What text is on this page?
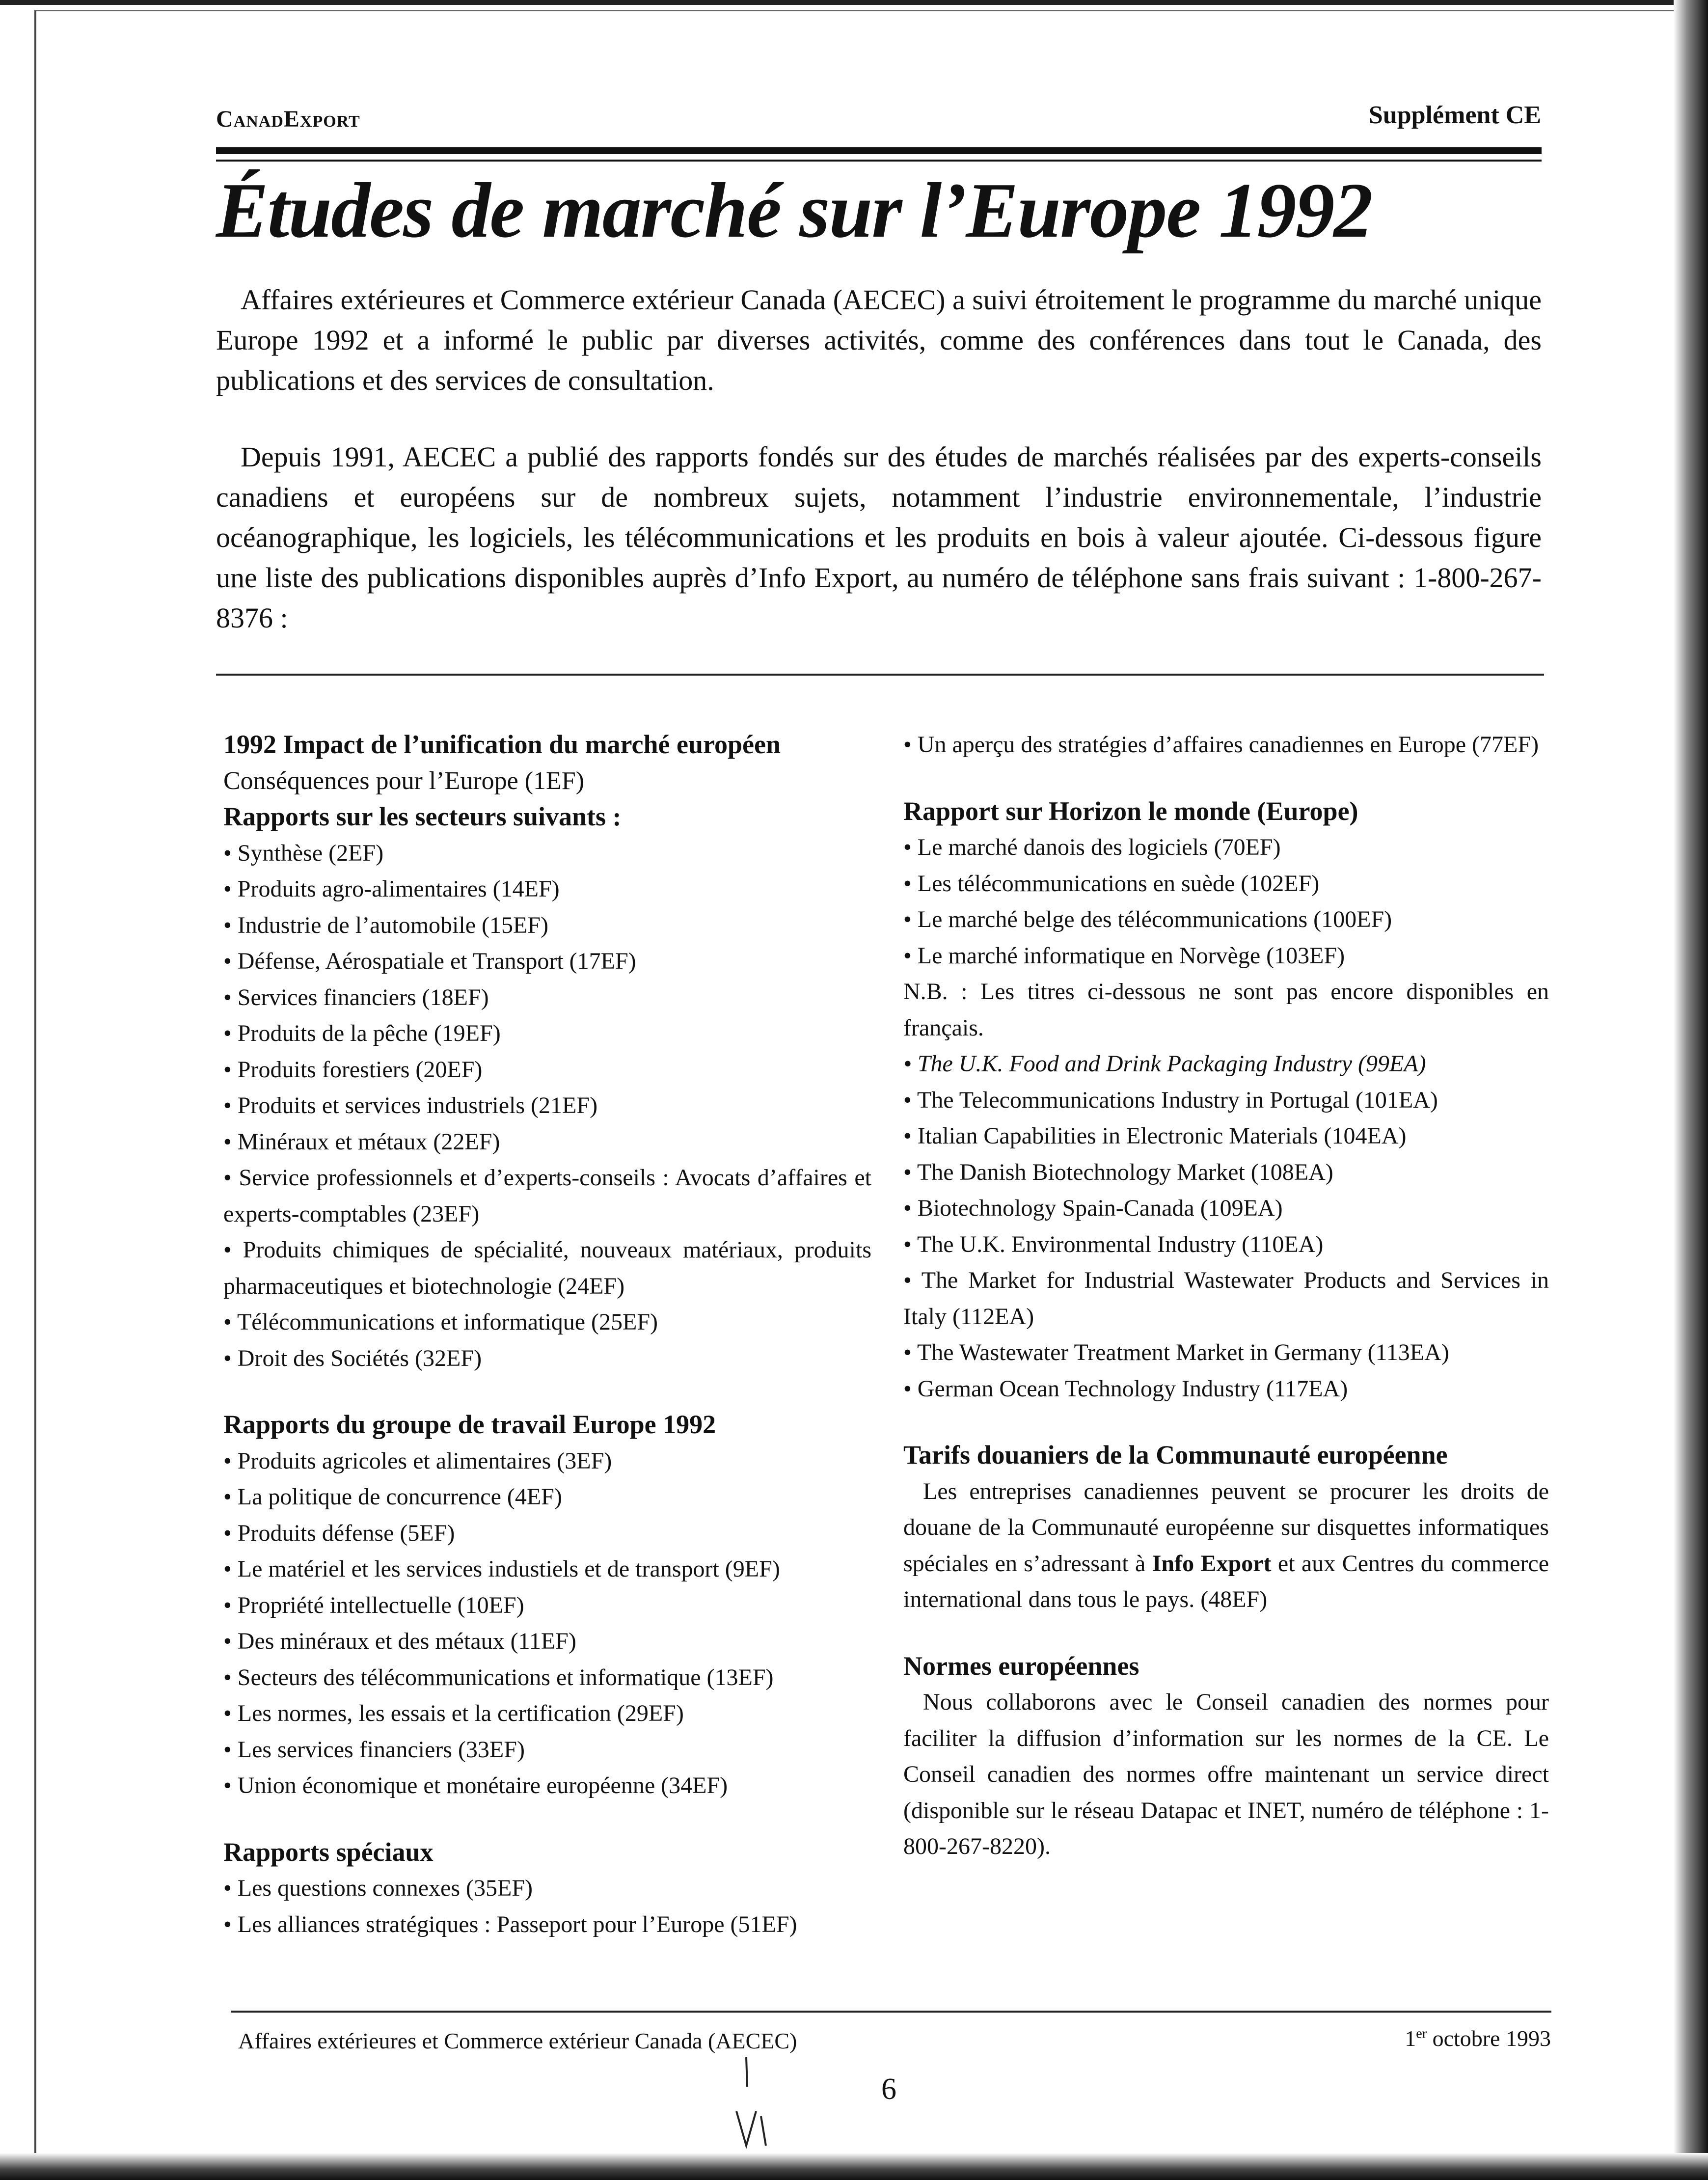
CanadExport	Supplément CE
Études de marché sur l’Europe 1992

Affaires extérieures et Commerce extérieur Canada (AECEC) a suivi étroitement le programme du marché unique Europe 1992 et a informé le public par diverses activités, comme des conférences dans tout le Canada, des publications et des services de consultation.

Depuis 1991, AECEC a publié des rapports fondés sur des études de marchés réalisées par des experts-conseils canadiens et européens sur de nombreux sujets, notamment l’industrie environnementale, l’industrie océanographique, les logiciels, les télécommunications et les produits en bois à valeur ajoutée. Ci-dessous figure une liste des publications disponibles auprès d’Info Export, au numéro de téléphone sans frais suivant : 1-800-267-8376 :

1992 Impact de l’unification du marché européen
Conséquences pour l’Europe (1EF)
Rapports sur les secteurs suivants :
• Synthèse (2EF)
• Produits agro-alimentaires (14EF)
• Industrie de l’automobile (15EF)
• Défense, Aérospatiale et Transport (17EF)
• Services financiers (18EF)
• Produits de la pêche (19EF)
• Produits forestiers (20EF)
• Produits et services industriels (21EF)
• Minéraux et métaux (22EF)
• Service professionnels et d’experts-conseils : Avocats d’affaires et experts-comptables (23EF)
• Produits chimiques de spécialité, nouveaux matériaux, produits pharmaceutiques et biotechnologie (24EF)
• Télécommunications et informatique (25EF)
• Droit des Sociétés (32EF)
Rapports du groupe de travail Europe 1992
• Produits agricoles et alimentaires (3EF)
• La politique de concurrence (4EF)
• Produits défense (5EF)
• Le matériel et les services industiels et de transport (9EF)
• Propriété intellectuelle (10EF)
• Des minéraux et des métaux (11EF)
• Secteurs des télécommunications et informatique (13EF)
• Les normes, les essais et la certification (29EF)
• Les services financiers (33EF)
• Union économique et monétaire européenne (34EF)
Rapports spéciaux
• Les questions connexes (35EF)
• Les alliances stratégiques : Passeport pour l’Europe (51EF)
• Un aperçu des stratégies d’affaires canadiennes en Europe (77EF)
Rapport sur Horizon le monde (Europe)
• Le marché danois des logiciels (70EF)
• Les télécommunications en suède (102EF)
• Le marché belge des télécommunications (100EF)
• Le marché informatique en Norvège (103EF)
N.B. : Les titres ci-dessous ne sont pas encore disponibles en français.
• The U.K. Food and Drink Packaging Industry (99EA)
• The Telecommunications Industry in Portugal (101EA)
• Italian Capabilities in Electronic Materials (104EA)
• The Danish Biotechnology Market (108EA)
• Biotechnology Spain-Canada (109EA)
• The U.K. Environmental Industry (110EA)
• The Market for Industrial Wastewater Products and Services in Italy (112EA)
• The Wastewater Treatment Market in Germany (113EA)
• German Ocean Technology Industry (117EA)
Tarifs douaniers de la Communauté européenne

Les entreprises canadiennes peuvent se procurer les droits de douane de la Communauté européenne sur disquettes informatiques spéciales en s’adressant à Info Export et aux Centres du commerce international dans tous le pays. (48EF)

Normes européennes

Nous collaborons avec le Conseil canadien des normes pour faciliter la diffusion d’information sur les normes de la CE. Le Conseil canadien des normes offre maintenant un service direct (disponible sur le réseau Datapac et INET, numéro de téléphone : 1-800-267-8220).

Affaires extérieures et Commerce extérieur Canada (AECEC)	1er octobre 1993
6
